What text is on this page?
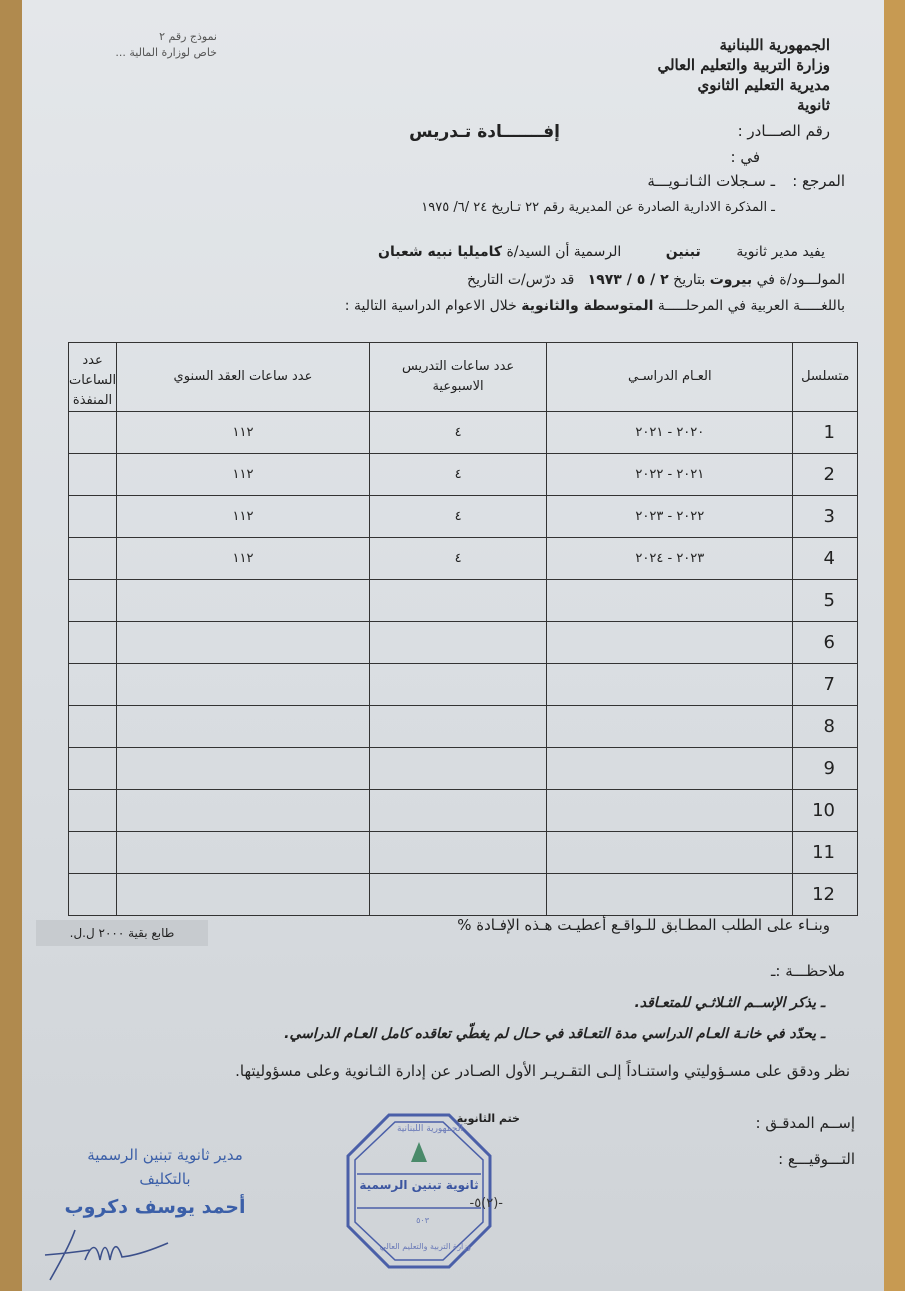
الجمهورية اللبنانية
وزارة التربية والتعليم العالي
مديرية التعليم الثانوي
ثانوية
نموذج رقم ٢
خاص لوزارة المالية ...
رقم الصـــادر :
إفـــــــادة تـدريس
في :
المرجع :
ـ سـجلات الثـانـويـــة
ـ المذكرة الادارية الصادرة عن المديرية رقم ٢٢ تـاريخ ٢٤ /٦/ ١٩٧٥
يفيد مدير ثانوية        تبنين          الرسمية أن السيد/ة كاميليا نبيه شعبان
المولـــود/ة في بيروت بتاريخ ٢ / ٥ / ١٩٧٣   قد درّس/ت التاريخ
باللغـــــة العربية في المرحلـــــة المتوسطة والثانوية خلال الاعوام الدراسية التالية :
متسلسل	العـام الدراسـي	عدد ساعات التدريس الاسبوعية	عدد ساعات العقد السنوي	عدد الساعات المنفذة
1	٢٠٢٠ - ٢٠٢١	٤	١١٢	
2	٢٠٢١ - ٢٠٢٢	٤	١١٢	
3	٢٠٢٢ - ٢٠٢٣	٤	١١٢	
4	٢٠٢٣ - ٢٠٢٤	٤	١١٢	
5				
6				
7				
8				
9				
10				
11				
12				
وبنـاء على الطلب المطـابق للـواقـع أعطيـت هـذه الإفـادة %
طابع بقية ٢٠٠٠ ل.ل.
ملاحظـــة :ـ
ـ يذكر الإســم الثـلاثـي للمتعـاقد.
ـ يحدّد في خانـة العـام الدراسي مدة التعـاقد في حـال لم يغطّي تعاقده كامل العـام الدراسي.
نظر ودقق على مسـؤوليتي واستنـاداً إلـى التقـريـر الأول الصـادر عن إدارة الثـانوية وعلى مسؤوليتها.
إســم المدقـق :
التـــوقيـــع :
ختم الثانوية
ثانوية تبنين الرسمية
الجمهورية اللبنانية
وزارة التربية والتعليم العالي
٥٠٣
-(٢)٥-
مدير ثانوية تبنين الرسمية
بالتكليف
أحمد يوسف دكروب
